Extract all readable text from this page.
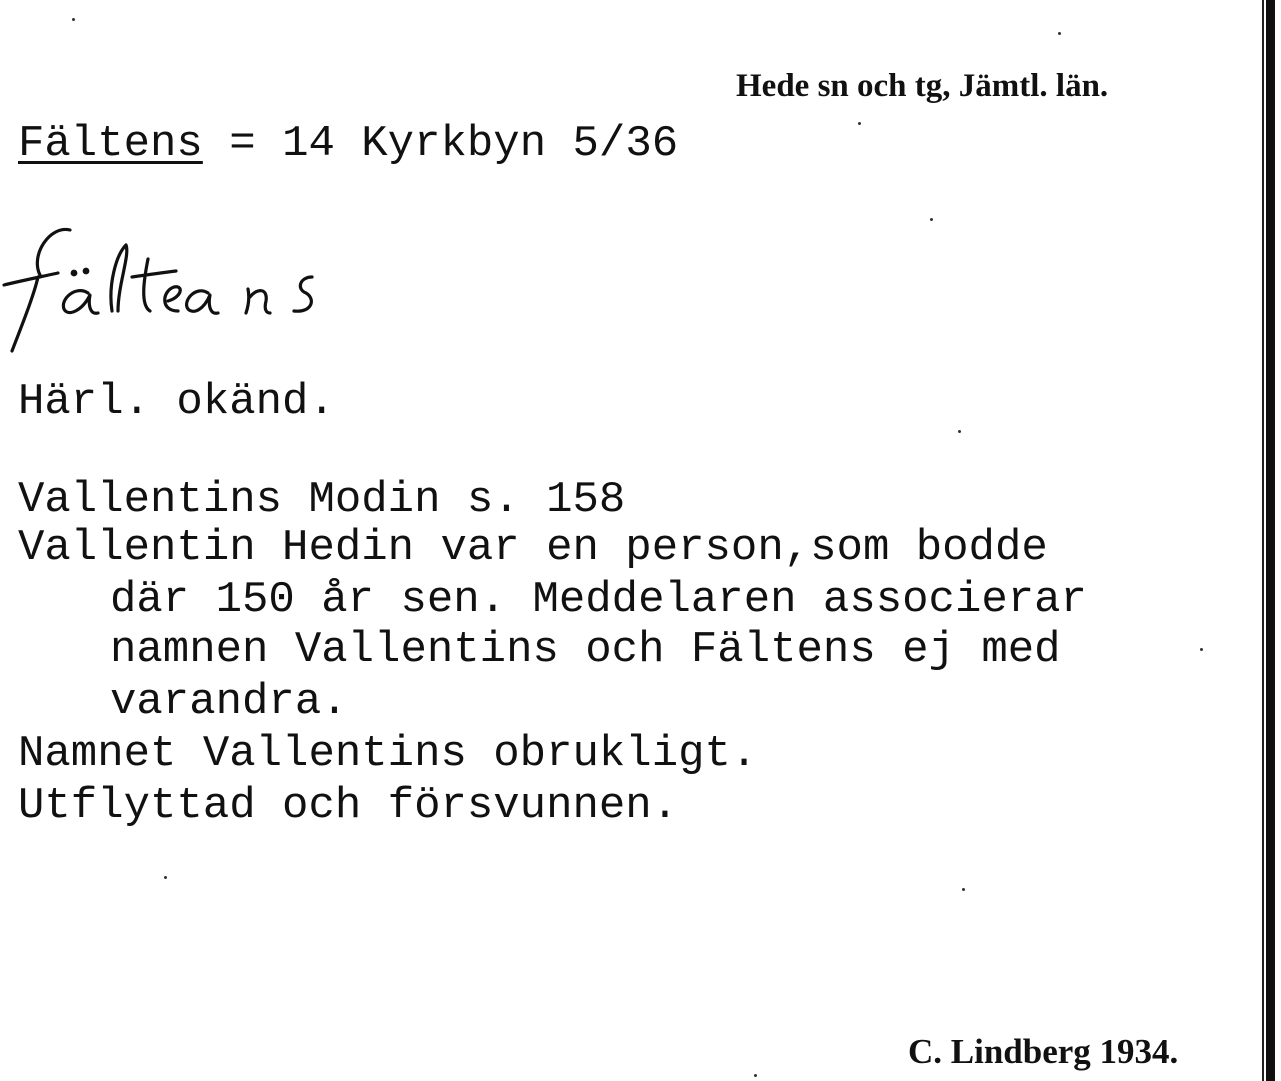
Hede sn och tg, Jämtl. län.
Fältens = 14 Kyrkbyn 5/36
Härl. okänd.
Vallentins Modin s. 158
Vallentin Hedin var en person,som bodde
där 150 år sen. Meddelaren associerar
namnen Vallentins och Fältens ej med
varandra.
Namnet Vallentins obrukligt.
Utflyttad och försvunnen.
C. Lindberg 1934.
